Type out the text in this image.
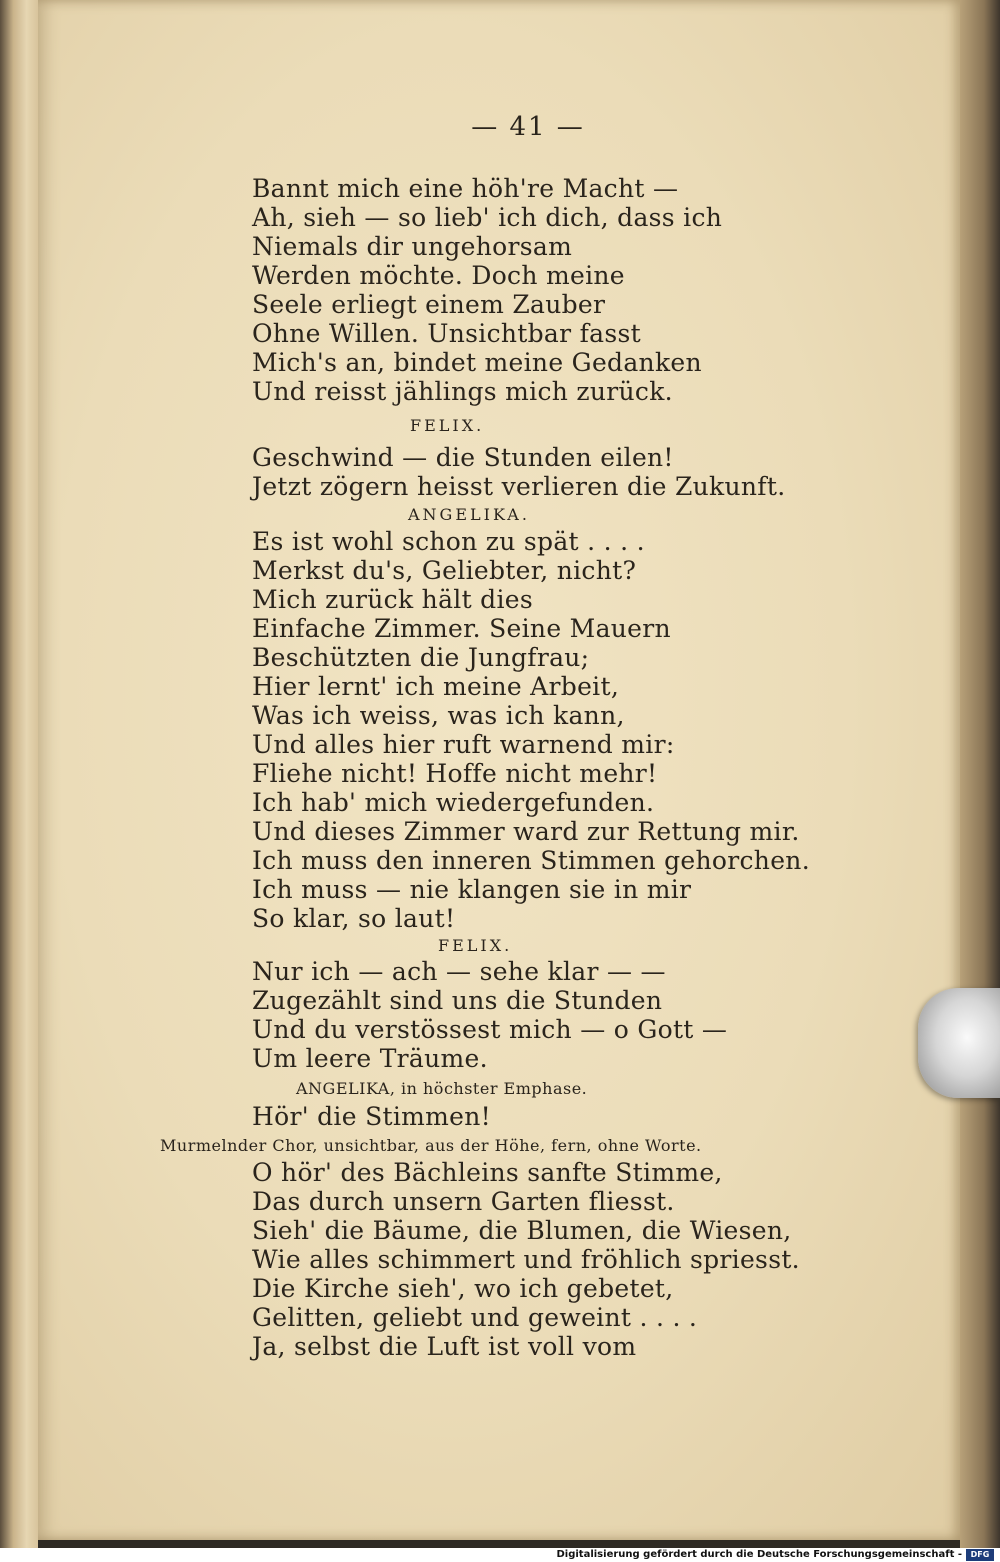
— 41 —
Bannt mich eine höh're Macht —
Ah, sieh — so lieb' ich dich, dass ich
Niemals dir ungehorsam
Werden möchte. Doch meine
Seele erliegt einem Zauber
Ohne Willen. Unsichtbar fasst
Mich's an, bindet meine Gedanken
Und reisst jählings mich zurück.
FELIX.
Geschwind — die Stunden eilen!
Jetzt zögern heisst verlieren die Zukunft.
ANGELIKA.
Es ist wohl schon zu spät . . . .
Merkst du's, Geliebter, nicht?
Mich zurück hält dies
Einfache Zimmer. Seine Mauern
Beschützten die Jungfrau;
Hier lernt' ich meine Arbeit,
Was ich weiss, was ich kann,
Und alles hier ruft warnend mir:
Fliehe nicht! Hoffe nicht mehr!
Ich hab' mich wiedergefunden.
Und dieses Zimmer ward zur Rettung mir.
Ich muss den inneren Stimmen gehorchen.
Ich muss — nie klangen sie in mir
So klar, so laut!
FELIX.
Nur ich — ach — sehe klar — —
Zugezählt sind uns die Stunden
Und du verstössest mich — o Gott —
Um leere Träume.
ANGELIKA, in höchster Emphase.
Hör' die Stimmen!
Murmelnder Chor, unsichtbar, aus der Höhe, fern, ohne Worte.
O hör' des Bächleins sanfte Stimme,
Das durch unsern Garten fliesst.
Sieh' die Bäume, die Blumen, die Wiesen,
Wie alles schimmert und fröhlich spriesst.
Die Kirche sieh', wo ich gebetet,
Gelitten, geliebt und geweint . . . .
Ja, selbst die Luft ist voll vom
Digitalisierung gefördert durch die Deutsche Forschungsgemeinschaft -	DFG
